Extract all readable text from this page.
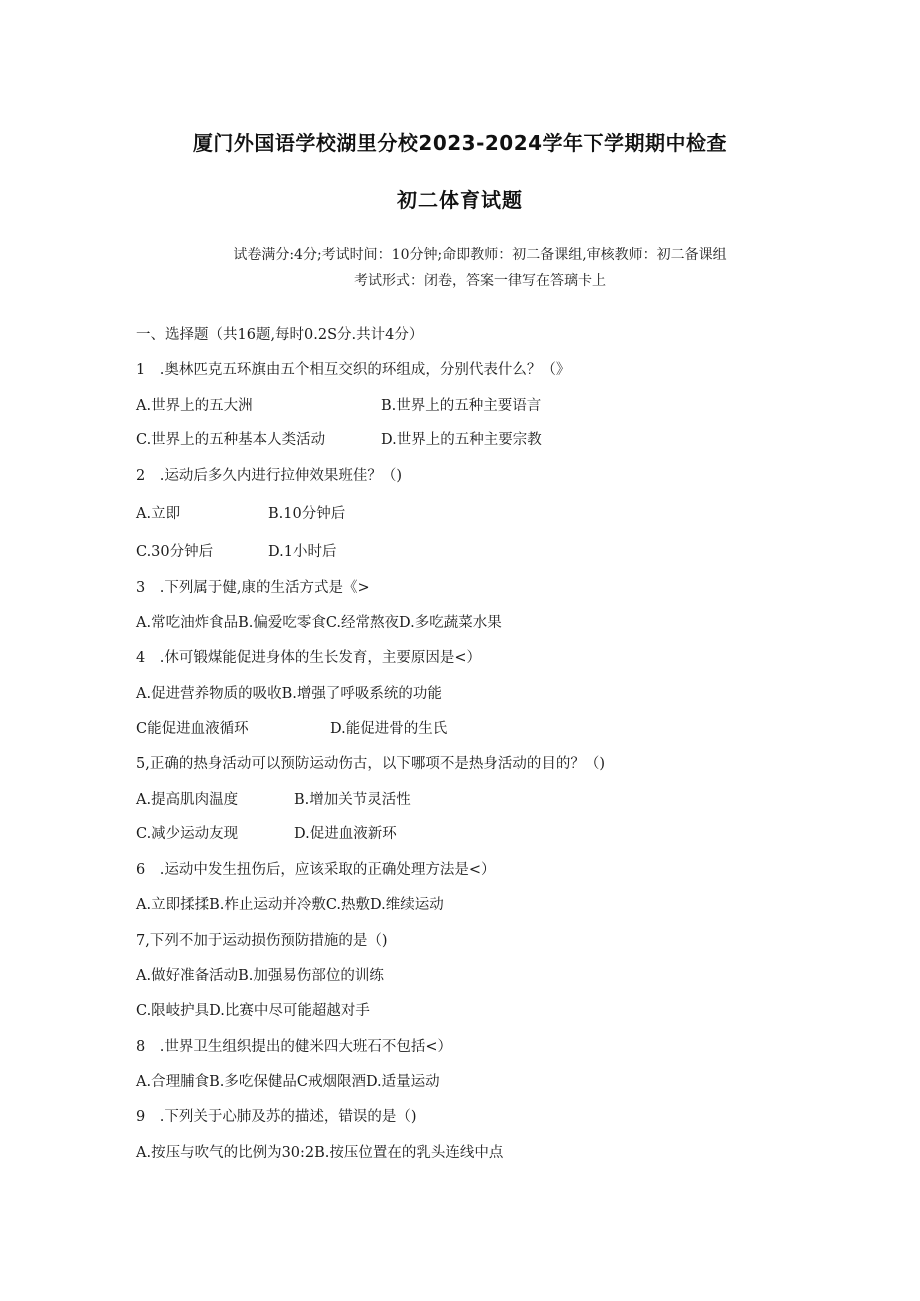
厦门外国语学校湖里分校2023-2024学年下学期期中检查
初二体育试题
试卷满分:4分;考试时间：10分钟;命即教师：初二备课组,审核教师：初二备课组
考试形式：闭卷，答案一律写在答璃卡上
一、选择题（共16题,每时0.2S分.共计4分）
1　.奥林匹克五环旗由五个相互交织的环组成，分别代表什么？（》
A.世界上的五大洲	B.世界上的五种主要语言
C.世界上的五种基本人类活动	D.世界上的五种主要宗教
2　.运动后多久内进行拉伸效果班佳？（)
A.立即	B.10分钟后
C.30分钟后	D.1小时后
3　.下列属于健,康的生活方式是《>
A.常吃油炸食品B.偏爱吃零食C.经常熬夜D.多吃蔬菜水果
4　.休可锻煤能促进身体的生长发育，主要原因是<）
A.促进营养物质的吸收B.增强了呼吸系统的功能
C能促进血液循环	D.能促进骨的生氏
5,正确的热身活动可以预防运动伤古，以下哪项不是热身活动的目的？（)
A.提高肌肉温度	B.增加关节灵活性
C.减少运动友现	D.促进血液新环
6　.运动中发生扭伤后，应该采取的正确处理方法是<）
A.立即揉揉B.柞止运动并冷敷C.热敷D.维续运动
7,下列不加于运动损伤预防措施的是（)
A.做好准备活动B.加强易伤部位的训练
C.限岐护具D.比赛中尽可能超越对手
8　.世界卫生组织提出的健米四大班石不包括<）
A.合理脯食B.多吃保健品C戒烟限酒D.适量运动
9　.下列关于心肺及苏的描述，错误的是（)
A.按压与吹气的比例为30:2B.按压位置在的乳头连线中点
